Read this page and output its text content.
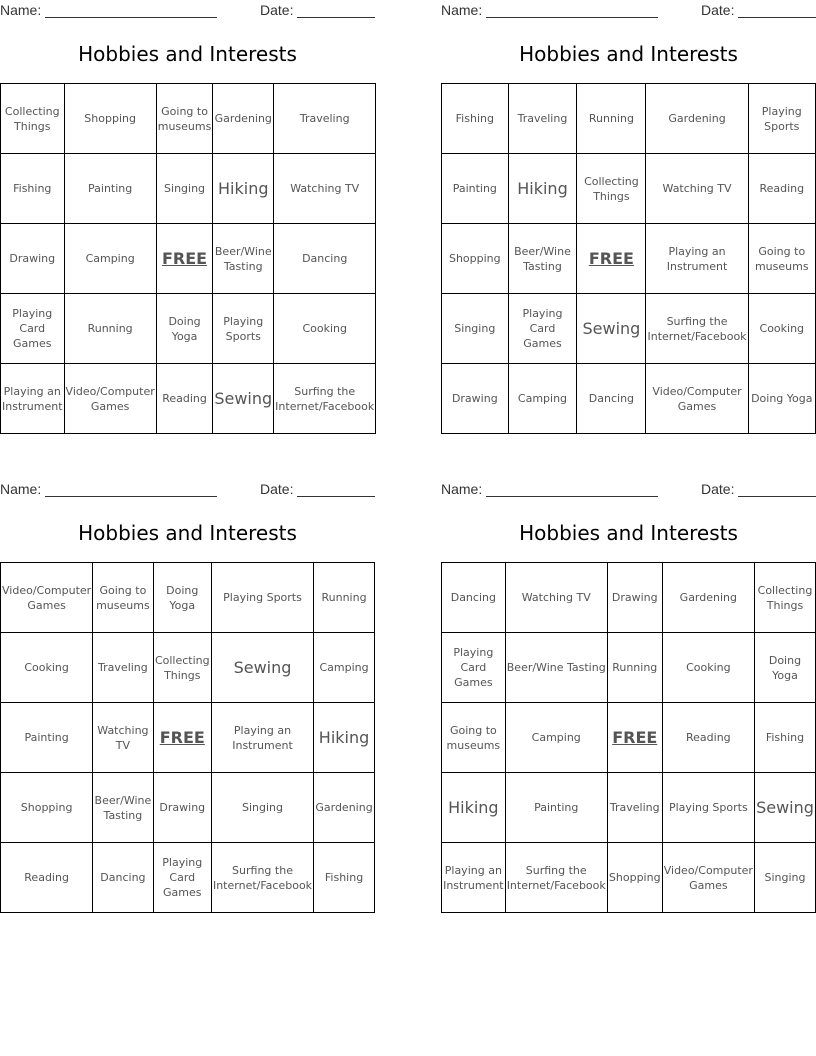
Name:	Date:
Hobbies and Interests
Collecting Things	Shopping	Going to museums	Gardening	Traveling

Fishing	Painting	Singing	Hiking	Watching TV

Drawing	Camping	FREE	Beer/Wine Tasting	Dancing

Playing Card Games	Running	Doing Yoga	Playing Sports	Cooking

Playing an Instrument	Video/Computer Games	Reading	Sewing	Surfing the Internet/Facebook
Name:	Date:
Hobbies and Interests
Fishing	Traveling	Running	Gardening	Playing Sports

Painting	Hiking	Collecting Things	Watching TV	Reading

Shopping	Beer/Wine Tasting	FREE	Playing an Instrument	Going to museums

Singing	Playing Card Games	Sewing	Surfing the Internet/Facebook	Cooking

Drawing	Camping	Dancing	Video/Computer Games	Doing Yoga
Name:	Date:
Hobbies and Interests
Video/Computer Games	Going to museums	Doing Yoga	Playing Sports	Running

Cooking	Traveling	Collecting Things	Sewing	Camping

Painting	Watching TV	FREE	Playing an Instrument	Hiking

Shopping	Beer/Wine Tasting	Drawing	Singing	Gardening

Reading	Dancing	Playing Card Games	Surfing the Internet/Facebook	Fishing
Name:	Date:
Hobbies and Interests
Dancing	Watching TV	Drawing	Gardening	Collecting Things

Playing Card Games	Beer/Wine Tasting	Running	Cooking	Doing Yoga

Going to museums	Camping	FREE	Reading	Fishing

Hiking	Painting	Traveling	Playing Sports	Sewing

Playing an Instrument	Surfing the Internet/Facebook	Shopping	Video/Computer Games	Singing
